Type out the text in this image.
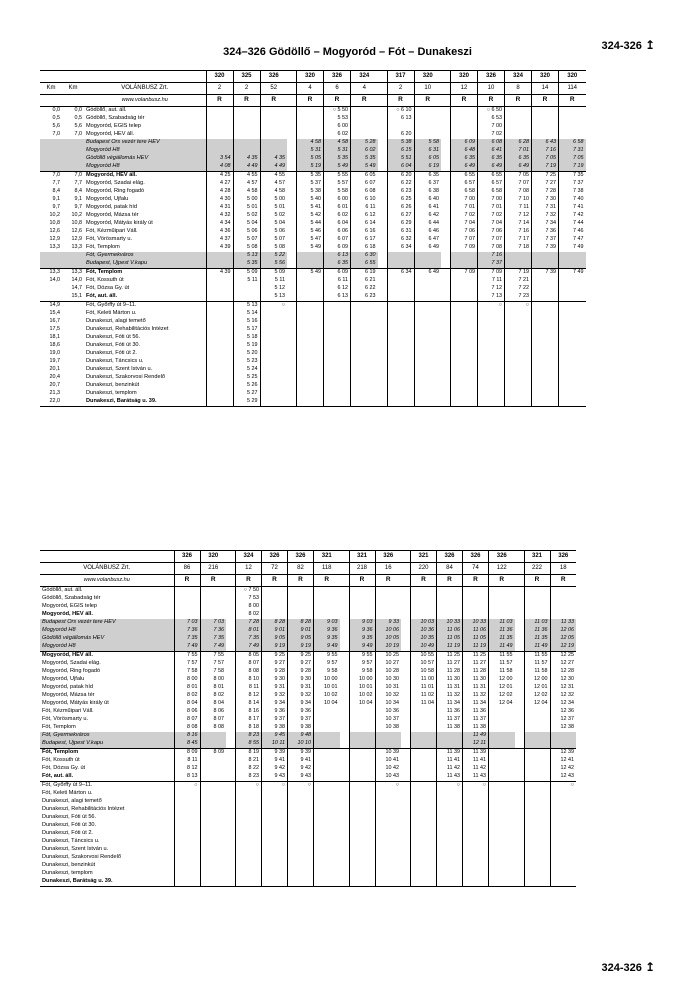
324-326 ↥
324–326 Gödöllő – Mogyoród – Fót – Dunakeszi
			320	325	326		320	326	324		317	320		320	326	324	320	320
Km	Km	VOLÁNBUSZ Zrt.	2	2	52		4	6	4		2	10		12	10	8	14	114
		www.volanbusz.hu	R	R	R		R	R	R		R	R		R	R	R	R	R
0,0	0,0	Gödöllő, aut. áll.						○ 5 50			○ 6 10				○ 6 50			
0,5	0,5	Gödöllő, Szabadság tér						5 53			6 13				6 53			
5,6	5,6	Mogyoród, EGIS telep						6 00							7 00			
7,0	7,0	Mogyoród, HÉV áll.						6 02			6 20				7 02			
		Budapest Örs vezér tere HÉV					4 58	4 58	5 28		5 38	5 58		6 09	6 08	6 28	6 43	6 58
		Mogyoród H8					5 31	5 31	6 02		6 15	6 31		6 48	6 41	7 01	7 16	7 31
		Gödöllő végállomás HÉV	3 54	4 35	4 35		5 05	5 35	5 35		5 51	6 05		6 35	6 35	6 35	7 05	7 05
		Mogyoród H8	4 08	4 49	4 49		5 19	5 49	5 49		6 04	6 19		6 49	6 49	6 49	7 19	7 19
7,0	7,0	Mogyoród, HÉV áll.	4 25	4 55	4 55		5 35	5 55	6 05		6 20	6 35		6 55	6 55	7 05	7 25	7 35
7,7	7,7	Mogyoród, Szadai elág.	4 27	4 57	4 57		5 37	5 57	6 07		6 22	6 37		6 57	6 57	7 07	7 27	7 37
8,4	8,4	Mogyoród, Ring fogadó	4 28	4 58	4 58		5 38	5 58	6 08		6 23	6 38		6 58	6 58	7 08	7 28	7 38
9,1	9,1	Mogyoród, Újfalu	4 30	5 00	5 00		5 40	6 00	6 10		6 25	6 40		7 00	7 00	7 10	7 30	7 40
9,7	9,7	Mogyoród, patak híd	4 31	5 01	5 01		5 41	6 01	6 11		6 26	6 41		7 01	7 01	7 11	7 31	7 41
10,2	10,2	Mogyoród, Mázsa tér	4 32	5 02	5 02		5 42	6 02	6 12		6 27	6 42		7 02	7 02	7 12	7 32	7 42
10,8	10,8	Mogyoród, Mátyás király út	4 34	5 04	5 04		5 44	6 04	6 14		6 29	6 44		7 04	7 04	7 14	7 34	7 44
12,6	12,6	Fót, Kézműipari Váll.	4 36	5 06	5 06		5 46	6 06	6 16		6 31	6 46		7 06	7 06	7 16	7 36	7 46
12,9	12,9	Fót, Vörösmarty u.	4 37	5 07	5 07		5 47	6 07	6 17		6 32	6 47		7 07	7 07	7 17	7 37	7 47
13,3	13,3	Fót, Templom	4 39	5 08	5 08		5 49	6 09	6 18		6 34	6 49		7 09	7 08	7 18	7 39	7 49
		Fót, Gyermekváros		5 13	5 22			6 13	6 30						7 16			
		Budapest, Újpest V.kapu		5 35	5 56			6 35	6 55						7 37			
13,3	13,3	Fót, Templom	4 39	5 09	5 09		5 49	6 09	6 19		6 34	6 49		7 09	7 09	7 19	7 39	7 49
14,0	14,0	Fót, Kossuth út		5 11	5 11			6 11	6 21						7 11	7 21		
	14,7	Fót, Dózsa Gy. út			5 12			6 12	6 22						7 12	7 22		
	15,1	Fót, aut. áll.			5 13			6 13	6 23						7 13	7 23		
14,9		Fót, Győrffy út 9–11.		5 13	○										○	○		
15,4		Fót, Keleti Márton u.		5 14														
16,7		Dunakeszi, alagi temető		5 16														
17,5		Dunakeszi, Rehabilitációs Intézet		5 17														
18,1		Dunakeszi, Fóti út 56.		5 18														
18,6		Dunakeszi, Fóti út 30.		5 19														
19,0		Dunakeszi, Fóti út 2.		5 20														
19,7		Dunakeszi, Táncsics u.		5 23														
20,1		Dunakeszi, Szent István u.		5 24														
20,4		Dunakeszi, Szakorvosi Rendelő		5 25														
20,7		Dunakeszi, benzinkút		5 26														
21,3		Dunakeszi, templom		5 27														
22,0		Dunakeszi, Barátság u. 39.		5 29														
	326	320		324	326	326	321		321	326		321	326	326	326		321	326
VOLÁNBUSZ Zrt.	86	216		12	72	82	118		218	16		220	84	74	122		222	18
www.volanbusz.hu	R	R		R	R	R	R		R	R		R	R	R	R		R	R
Gödöllő, aut. áll.				○ 7 50														
Gödöllő, Szabadság tér				7 53														
Mogyoród, EGIS telep				8 00														
Mogyoród, HÉV áll.				8 02														
Budapest Örs vezér tere HÉV	7 03	7 03		7 28	8 28	8 28	9 03		9 03	9 33		10 03	10 33	10 33	11 03		11 03	11 33
Mogyoród H8	7 36	7 36		8 01	9 01	9 01	9 36		9 36	10 06		10 36	11 06	11 06	11 36		11 36	12 06
Gödöllő végállomás HÉV	7 35	7 35		7 35	9 05	9 05	9 35		9 35	10 05		10 35	11 05	11 05	11 35		11 35	12 05
Mogyoród H8	7 49	7 49		7 49	9 19	9 19	9 49		9 49	10 19		10 49	11 19	11 19	11 49		11 49	12 19
Mogyoród, HÉV áll.	7 55	7 55		8 05	9 25	9 25	9 55		9 55	10 25		10 55	11 25	11 25	11 55		11 55	12 25
Mogyoród, Szadai elág.	7 57	7 57		8 07	9 27	9 27	9 57		9 57	10 27		10 57	11 27	11 27	11 57		11 57	12 27
Mogyoród, Ring fogadó	7 58	7 58		8 08	9 28	9 28	9 58		9 58	10 28		10 58	11 28	11 28	11 58		11 58	12 28
Mogyoród, Újfalu	8 00	8 00		8 10	9 30	9 30	10 00		10 00	10 30		11 00	11 30	11 30	12 00		12 00	12 30
Mogyoród, patak híd	8 01	8 01		8 11	9 31	9 31	10 01		10 01	10 31		11 01	11 31	11 31	12 01		12 01	12 31
Mogyoród, Mázsa tér	8 02	8 02		8 12	9 32	9 32	10 02		10 02	10 32		11 02	11 32	11 32	12 02		12 02	12 32
Mogyoród, Mátyás király út	8 04	8 04		8 14	9 34	9 34	10 04		10 04	10 34		11 04	11 34	11 34	12 04		12 04	12 34
Fót, Kézműipari Váll.	8 06	8 06		8 16	9 36	9 36				10 36			11 36	11 36				12 36
Fót, Vörösmarty u.	8 07	8 07		8 17	9 37	9 37				10 37			11 37	11 37				12 37
Fót, Templom	8 08	8 08		8 18	9 38	9 38				10 38			11 38	11 38				12 38
Fót, Gyermekváros	8 16			8 23	9 45	9 48								11 49				
Budapest, Újpest V.kapu	8 45			8 55	10 11	10 10								12 11				
Fót, Templom	8 09	8 09		8 19	9 39	9 39				10 39			11 39	11 39				12 39
Fót, Kossuth út	8 11			8 21	9 41	9 41				10 41			11 41	11 41				12 41
Fót, Dózsa Gy. út	8 12			8 22	9 42	9 42				10 42			11 42	11 42				12 42
Fót, aut. áll.	8 13			8 23	9 43	9 43				10 43			11 43	11 43				12 43
Fót, Győrffy út 9–11.	○			○	○	○				○			○	○				○
Fót, Keleti Márton u.																		
Dunakeszi, alagi temető																		
Dunakeszi, Rehabilitációs Intézet																		
Dunakeszi, Fóti út 56.																		
Dunakeszi, Fóti út 30.																		
Dunakeszi, Fóti út 2.																		
Dunakeszi, Táncsics u.																		
Dunakeszi, Szent István u.																		
Dunakeszi, Szakorvosi Rendelő																		
Dunakeszi, benzinkút																		
Dunakeszi, templom																		
Dunakeszi, Barátság u. 39.																		
324-326 ↥
